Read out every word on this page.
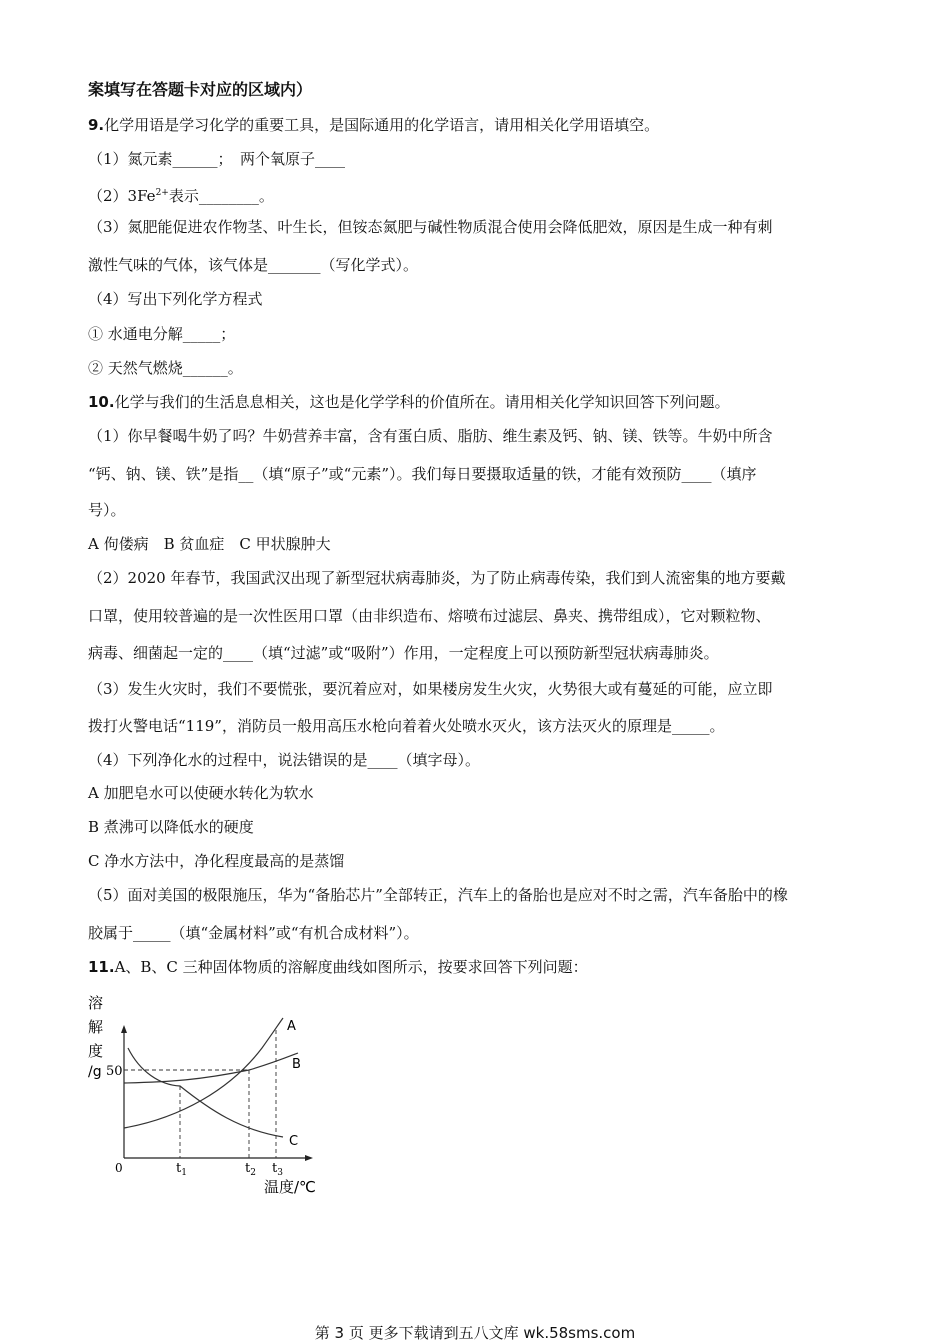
案填写在答题卡对应的区域内）
9.化学用语是学习化学的重要工具，是国际通用的化学语言，请用相关化学用语填空。
（1）氮元素______；　两个氧原子____
$(2)3Fe^{2+}$表示________。
（3）氮肥能促进农作物茎、叶生长，但铵态氮肥与碱性物质混合使用会降低肥效，原因是生成一种有刺
激性气味的气体，该气体是_______（写化学式）。
（4）写出下列化学方程式
① 水通电分解_____；
② 天然气燃烧______。
10.化学与我们的生活息息相关，这也是化学学科的价值所在。请用相关化学知识回答下列问题。
（1）你早餐喝牛奶了吗？牛奶营养丰富，含有蛋白质、脂肪、维生素及钙、钠、镁、铁等。牛奶中所含
“钙、钠、镁、铁”是指__（填“原子”或“元素”）。我们每日要摄取适量的铁，才能有效预防____（填序
号）。
A 佝偻病　B 贫血症　C 甲状腺肿大
（2）2020 年春节，我国武汉出现了新型冠状病毒肺炎，为了防止病毒传染，我们到人流密集的地方要戴
口罩，使用较普遍的是一次性医用口罩（由非织造布、熔喷布过滤层、鼻夹、携带组成），它对颗粒物、
病毒、细菌起一定的____（填“过滤”或“吸附”）作用，一定程度上可以预防新型冠状病毒肺炎。
（3）发生火灾时，我们不要慌张，要沉着应对，如果楼房发生火灾，火势很大或有蔓延的可能，应立即
拨打火警电话“119”，消防员一般用高压水枪向着着火处喷水灭火，该方法灭火的原理是_____。
（4）下列净化水的过程中，说法错误的是____（填字母）。
A 加肥皂水可以使硬水转化为软水
B 煮沸可以降低水的硬度
C 净水方法中，净化程度最高的是蒸馏
（5）面对美国的极限施压，华为“备胎芯片”全部转正，汽车上的备胎也是应对不时之需，汽车备胎中的橡
胶属于_____（填“金属材料”或“有机合成材料”）。
11.A、B、C 三种固体物质的溶解度曲线如图所示，按要求回答下列问题：
溶
解
度
/g 50
0	$t_1$	$t_2$ $t_3$
A
B
C
温度/℃
第 3 页 更多下载请到五八文库 wk.58sms.com
